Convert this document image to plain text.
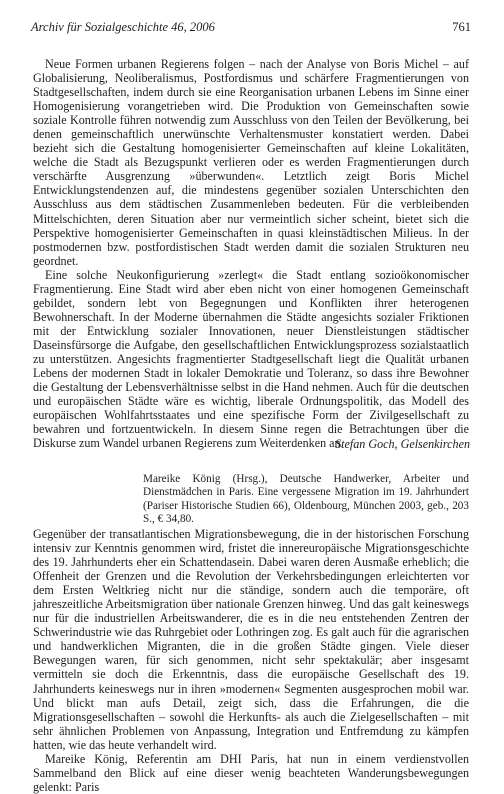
Archiv für Sozialgeschichte 46, 2006	761

Neue Formen urbanen Regierens folgen – nach der Analyse von Boris Michel – auf Globalisierung, Neoliberalismus, Postfordismus und schärfere Fragmentierungen von Stadtgesellschaften, indem durch sie eine Reorganisation urbanen Lebens im Sinne einer Homogenisierung vorangetrieben wird. Die Produktion von Gemeinschaften sowie soziale Kontrolle führen notwendig zum Ausschluss von den Teilen der Bevölkerung, bei denen gemeinschaftlich unerwünschte Verhaltensmuster konstatiert werden. Dabei bezieht sich die Gestaltung homogenisierter Gemeinschaften auf kleine Lokalitäten, welche die Stadt als Bezugspunkt verlieren oder es werden Fragmentierungen durch verschärfte Ausgrenzung »überwunden«. Letztlich zeigt Boris Michel Entwicklungstendenzen auf, die mindestens gegenüber sozialen Unterschichten den Ausschluss aus dem städtischen Zusammenleben bedeuten. Für die verbleibenden Mittelschichten, deren Situation aber nur vermeintlich sicher scheint, bietet sich die Perspektive homogenisierter Gemeinschaften in quasi kleinstädtischen Milieus. In der postmodernen bzw. postfordistischen Stadt werden damit die sozialen Strukturen neu geordnet.

Eine solche Neukonfigurierung »zerlegt« die Stadt entlang sozioökonomischer Fragmentierung. Eine Stadt wird aber eben nicht von einer homogenen Gemeinschaft gebildet, sondern lebt von Begegnungen und Konflikten ihrer heterogenen Bewohnerschaft. In der Moderne übernahmen die Städte angesichts sozialer Friktionen mit der Entwicklung sozialer Innovationen, neuer Dienstleistungen städtischer Daseinsfürsorge die Aufgabe, den gesellschaftlichen Entwicklungsprozess sozialstaatlich zu unterstützen. Angesichts fragmentierter Stadtgesellschaft liegt die Qualität urbanen Lebens der modernen Stadt in lokaler Demokratie und Toleranz, so dass ihre Bewohner die Gestaltung der Lebensverhältnisse selbst in die Hand nehmen. Auch für die deutschen und europäischen Städte wäre es wichtig, liberale Ordnungspolitik, das Modell des europäischen Wohlfahrtsstaates und eine spezifische Form der Zivilgesellschaft zu bewahren und fortzuentwickeln. In diesem Sinne regen die Betrachtungen über die Diskurse zum Wandel urbanen Regierens zum Weiterdenken an.

Stefan Goch, Gelsenkirchen
Mareike König (Hrsg.), Deutsche Handwerker, Arbeiter und Dienstmädchen in Paris. Eine vergessene Migration im 19. Jahrhundert (Pariser Historische Studien 66), Oldenbourg, München 2003, geb., 203 S., € 34,80.

Gegenüber der transatlantischen Migrationsbewegung, die in der historischen Forschung intensiv zur Kenntnis genommen wird, fristet die innereuropäische Migrationsgeschichte des 19. Jahrhunderts eher ein Schattendasein. Dabei waren deren Ausmaße erheblich; die Offenheit der Grenzen und die Revolution der Verkehrsbedingungen erleichterten vor dem Ersten Weltkrieg nicht nur die ständige, sondern auch die temporäre, oft jahreszeitliche Arbeitsmigration über nationale Grenzen hinweg. Und das galt keineswegs nur für die industriellen Arbeitswanderer, die es in die neu entstehenden Zentren der Schwerindustrie wie das Ruhrgebiet oder Lothringen zog. Es galt auch für die agrarischen und handwerklichen Migranten, die in die großen Städte gingen. Viele dieser Bewegungen waren, für sich genommen, nicht sehr spektakulär; aber insgesamt vermitteln sie doch die Erkenntnis, dass die europäische Gesellschaft des 19. Jahrhunderts keineswegs nur in ihren »modernen« Segmenten ausgesprochen mobil war. Und blickt man aufs Detail, zeigt sich, dass die Erfahrungen, die die Migrationsgesellschaften – sowohl die Herkunfts- als auch die Zielgesellschaften – mit sehr ähnlichen Problemen von Anpassung, Integration und Entfremdung zu kämpfen hatten, wie das heute verhandelt wird.

Mareike König, Referentin am DHI Paris, hat nun in einem verdienstvollen Sammelband den Blick auf eine dieser wenig beachteten Wanderungsbewegungen gelenkt: Paris
